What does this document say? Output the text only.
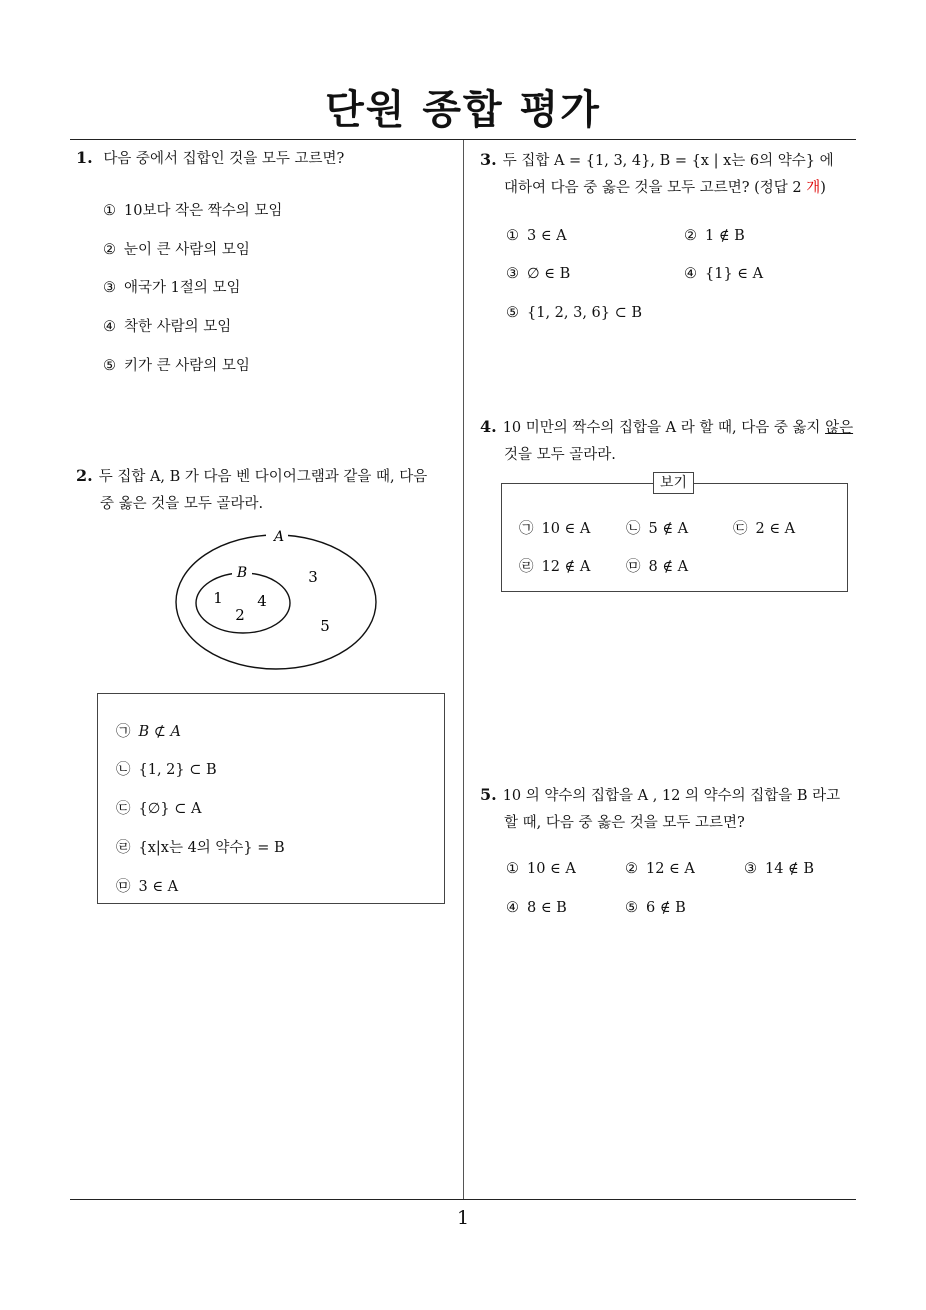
단원 종합 평가
1
1. 다음 중에서 집합인 것을 모두 고르면?
① 10보다 작은 짝수의 모임
② 눈이 큰 사람의 모임
③ 애국가 1절의 모임
④ 착한 사람의 모임
⑤ 키가 큰 사람의 모임
2. 두 집합 A, B 가 다음 벤 다이어그램과 같을 때, 다음
중 옳은 것을 모두 골라라.
A
B
1
2
4
3
5
㉠ B ⊄ A
㉡ {1, 2} ⊂ B
㉢ {∅} ⊂ A
㉣ {x|x는 4의 약수} = B
㉤ 3 ∈ A
3. 두 집합 A = {1, 3, 4}, B = {x | x는 6의 약수} 에
대하여 다음 중 옳은 것을 모두 고르면? (정답 2 개)
① 3 ∈ A	② 1 ∉ B
③ ∅ ∈ B	④ {1} ∈ A
⑤ {1, 2, 3, 6} ⊂ B
4. 10 미만의 짝수의 집합을 A 라 할 때, 다음 중 옳지 않은
것을 모두 골라라.
보기
㉠ 10 ∈ A ㉡ 5 ∉ A	㉢ 2 ∈ A
㉣ 12 ∉ A ㉤ 8 ∉ A
5. 10 의 약수의 집합을 A , 12 의 약수의 집합을 B 라고
할 때, 다음 중 옳은 것을 모두 고르면?
① 10 ∈ A	② 12 ∈ A	③ 14 ∉ B
④ 8 ∈ B	⑤ 6 ∉ B
